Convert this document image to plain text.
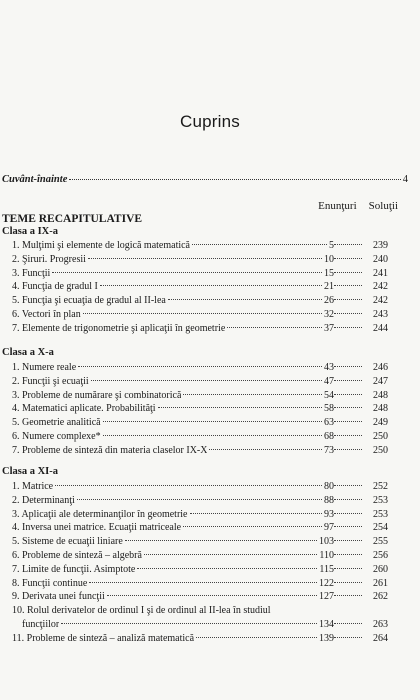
Cuprins
Cuvânt-înainte	4
Enunţuri Soluţii
TEME RECAPITULATIVE
Clasa a IX-a
1. Mulţimi şi elemente de logică matematică	5	239
2. Şiruri. Progresii	10	240
3. Funcţii	15	241
4. Funcţia de gradul I	21	242
5. Funcţia şi ecuaţia de gradul al II-lea	26	242
6. Vectori în plan	32	243
7. Elemente de trigonometrie şi aplicaţii în geometrie	37	244
Clasa a X-a
1. Numere reale	43	246
2. Funcţii şi ecuaţii	47	247
3. Probleme de numărare şi combinatorică	54	248
4. Matematici aplicate. Probabilităţi	58	248
5. Geometrie analitică	63	249
6. Numere complexe*	68	250
7. Probleme de sinteză din materia claselor IX-X	73	250
Clasa a XI-a
1. Matrice	80	252
2. Determinanţi	88	253
3. Aplicaţii ale determinanţilor în geometrie	93	253
4. Inversa unei matrice. Ecuaţii matriceale	97	254
5. Sisteme de ecuaţii liniare	103	255
6. Probleme de sinteză – algebră	110	256
7. Limite de funcţii. Asimptote	115	260
8. Funcţii continue	122	261
9. Derivata unei funcţii	127	262
10. Rolul derivatelor de ordinul I şi de ordinul al II-lea în studiul
funcţiilor	134	263
11. Probleme de sinteză – analiză matematică	139	264
